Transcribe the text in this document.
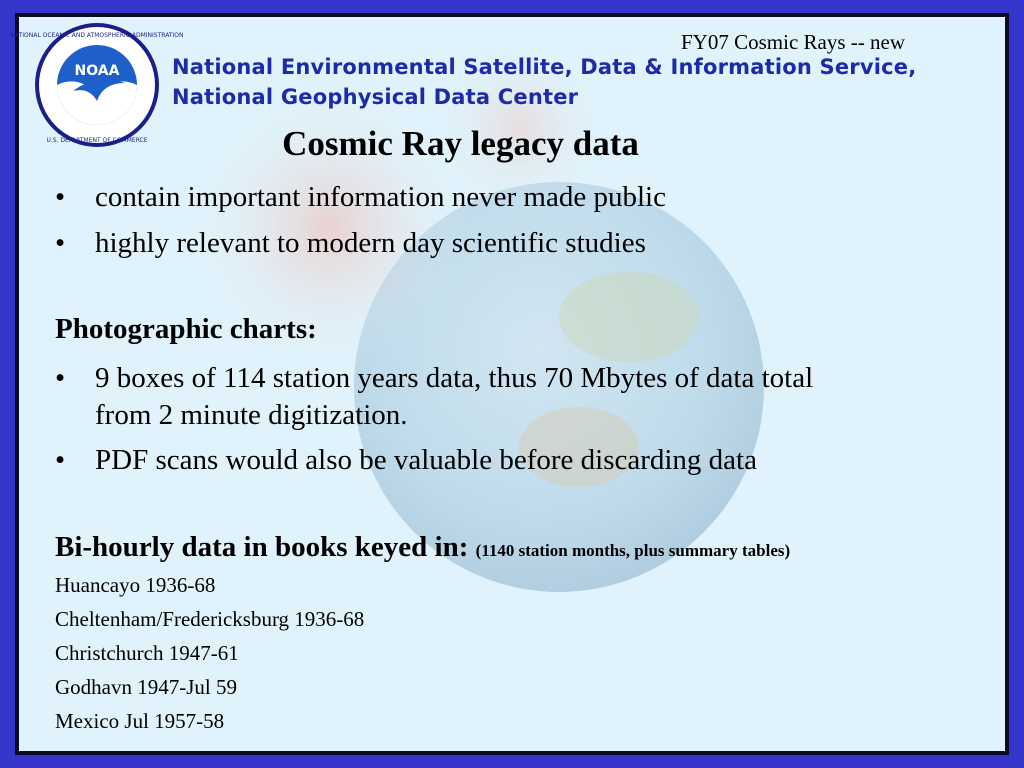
NOAA
NATIONAL OCEANIC AND ATMOSPHERIC ADMINISTRATION
U.S. DEPARTMENT OF COMMERCE
FY07 Cosmic Rays -- new
National Environmental Satellite, Data & Information Service,
National Geophysical Data Center
Cosmic Ray legacy data
• contain important information never made public
• highly relevant to modern day scientific studies
Photographic charts:
• 9 boxes of 114 station years data, thus 70 Mbytes of data total
from 2 minute digitization.
• PDF scans would also be valuable before discarding data
Bi-hourly data in books keyed in: (1140 station months, plus summary tables)
Huancayo 1936-68
Cheltenham/Fredericksburg 1936-68
Christchurch 1947-61
Godhavn 1947-Jul 59
Mexico Jul 1957-58
